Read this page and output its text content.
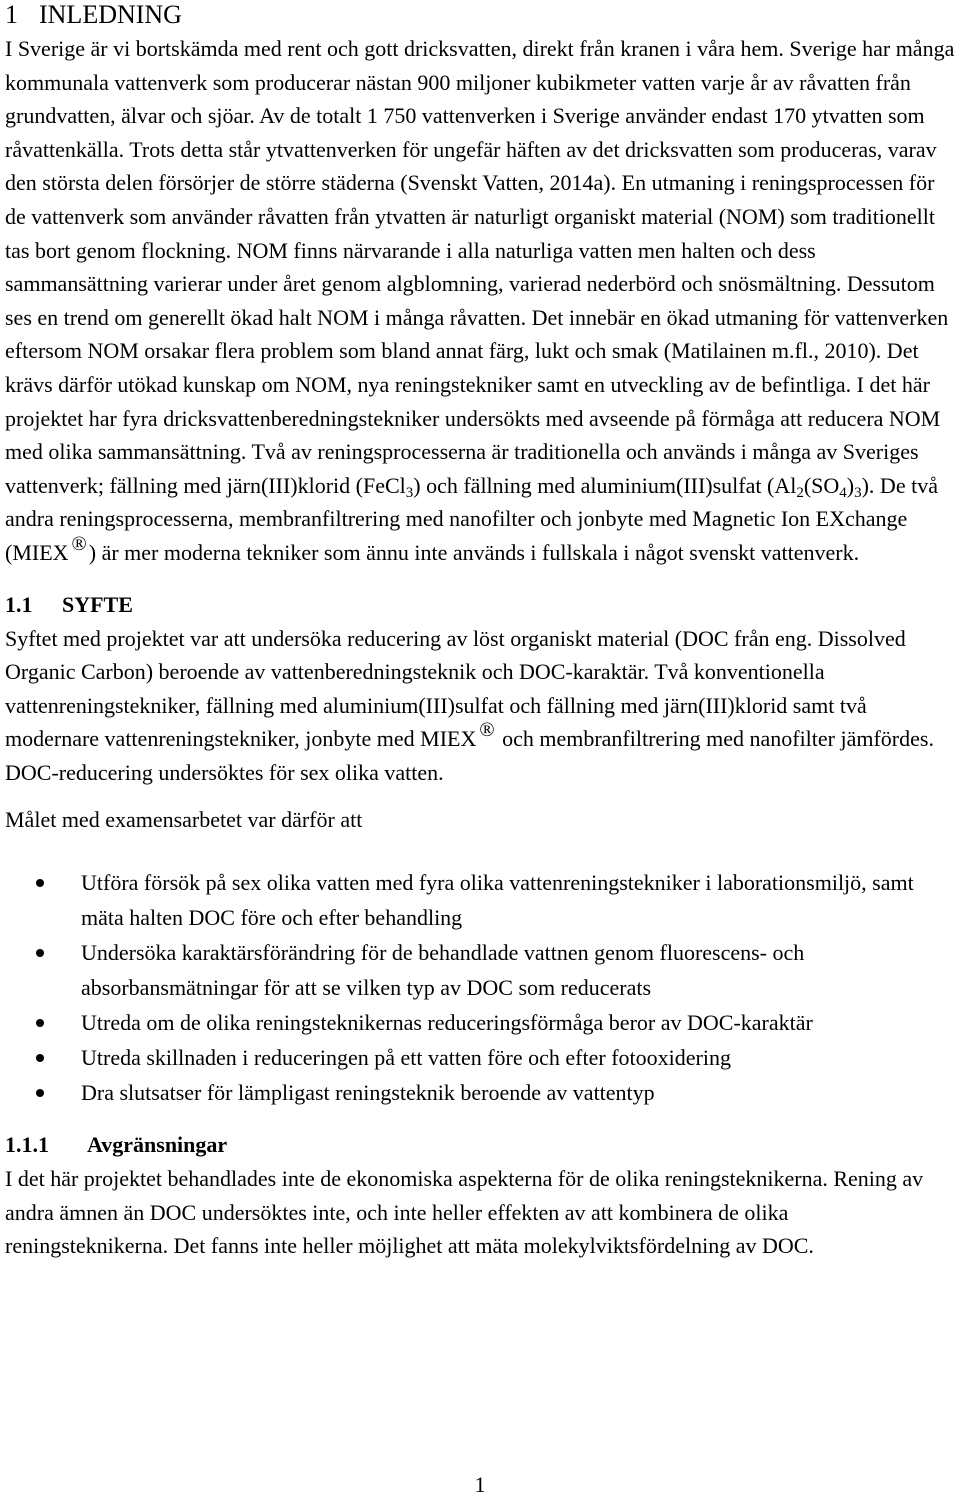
1 INLEDNING

I Sverige är vi bortskämda med rent och gott dricksvatten, direkt från kranen i våra hem. Sverige har många kommunala vattenverk som producerar nästan 900 miljoner kubikmeter vatten varje år av råvatten från grundvatten, älvar och sjöar. Av de totalt 1 750 vattenverken i Sverige använder endast 170 ytvatten som råvattenkälla. Trots detta står ytvattenverken för ungefär häften av det dricksvatten som produceras, varav den största delen försörjer de större städerna (Svenskt Vatten, 2014a). En utmaning i reningsprocessen för de vattenverk som använder råvatten från ytvatten är naturligt organiskt material (NOM) som traditionellt tas bort genom flockning. NOM finns närvarande i alla naturliga vatten men halten och dess sammansättning varierar under året genom algblomning, varierad nederbörd och snösmältning. Dessutom ses en trend om generellt ökad halt NOM i många råvatten. Det innebär en ökad utmaning för vattenverken eftersom NOM orsakar flera problem som bland annat färg, lukt och smak (Matilainen m.fl., 2010). Det krävs därför utökad kunskap om NOM, nya reningstekniker samt en utveckling av de befintliga. I det här projektet har fyra dricksvattenberedningstekniker undersökts med avseende på förmåga att reducera NOM med olika sammansättning. Två av reningsprocesserna är traditionella och används i många av Sveriges vattenverk; fällning med järn(III)klorid (FeCl$_3$) och fällning med aluminium(III)sulfat $(Al_2(SO_4)_3)$. De två andra reningsprocesserna, membranfiltrering med nanofilter och jonbyte med Magnetic Ion EXchange (MIEX ®) är mer moderna tekniker som ännu inte används i fullskala i något svenskt vattenverk.

1.1 SYFTE

Syftet med projektet var att undersöka reducering av löst organiskt material (DOC från eng. Dissolved Organic Carbon) beroende av vattenberedningsteknik och DOC-karaktär. Två konventionella vattenreningstekniker, fällning med aluminium(III)sulfat och fällning med järn(III)klorid samt två modernare vattenreningstekniker, jonbyte med MIEX ® och membranfiltrering med nanofilter jämfördes. DOC-reducering undersöktes för sex olika vatten.

Målet med examensarbetet var därför att

Utföra försök på sex olika vatten med fyra olika vattenreningstekniker i laborationsmiljö, samt mäta halten DOC före och efter behandling
Undersöka karaktärsförändring för de behandlade vattnen genom fluorescens- och absorbansmätningar för att se vilken typ av DOC som reducerats
Utreda om de olika reningsteknikernas reduceringsförmåga beror av DOC-karaktär
Utreda skillnaden i reduceringen på ett vatten före och efter fotooxidering
Dra slutsatser för lämpligast reningsteknik beroende av vattentyp
1.1.1 Avgränsningar

I det här projektet behandlades inte de ekonomiska aspekterna för de olika reningsteknikerna. Rening av andra ämnen än DOC undersöktes inte, och inte heller effekten av att kombinera de olika reningsteknikerna. Det fanns inte heller möjlighet att mäta molekylviktsfördelning av DOC.

1
